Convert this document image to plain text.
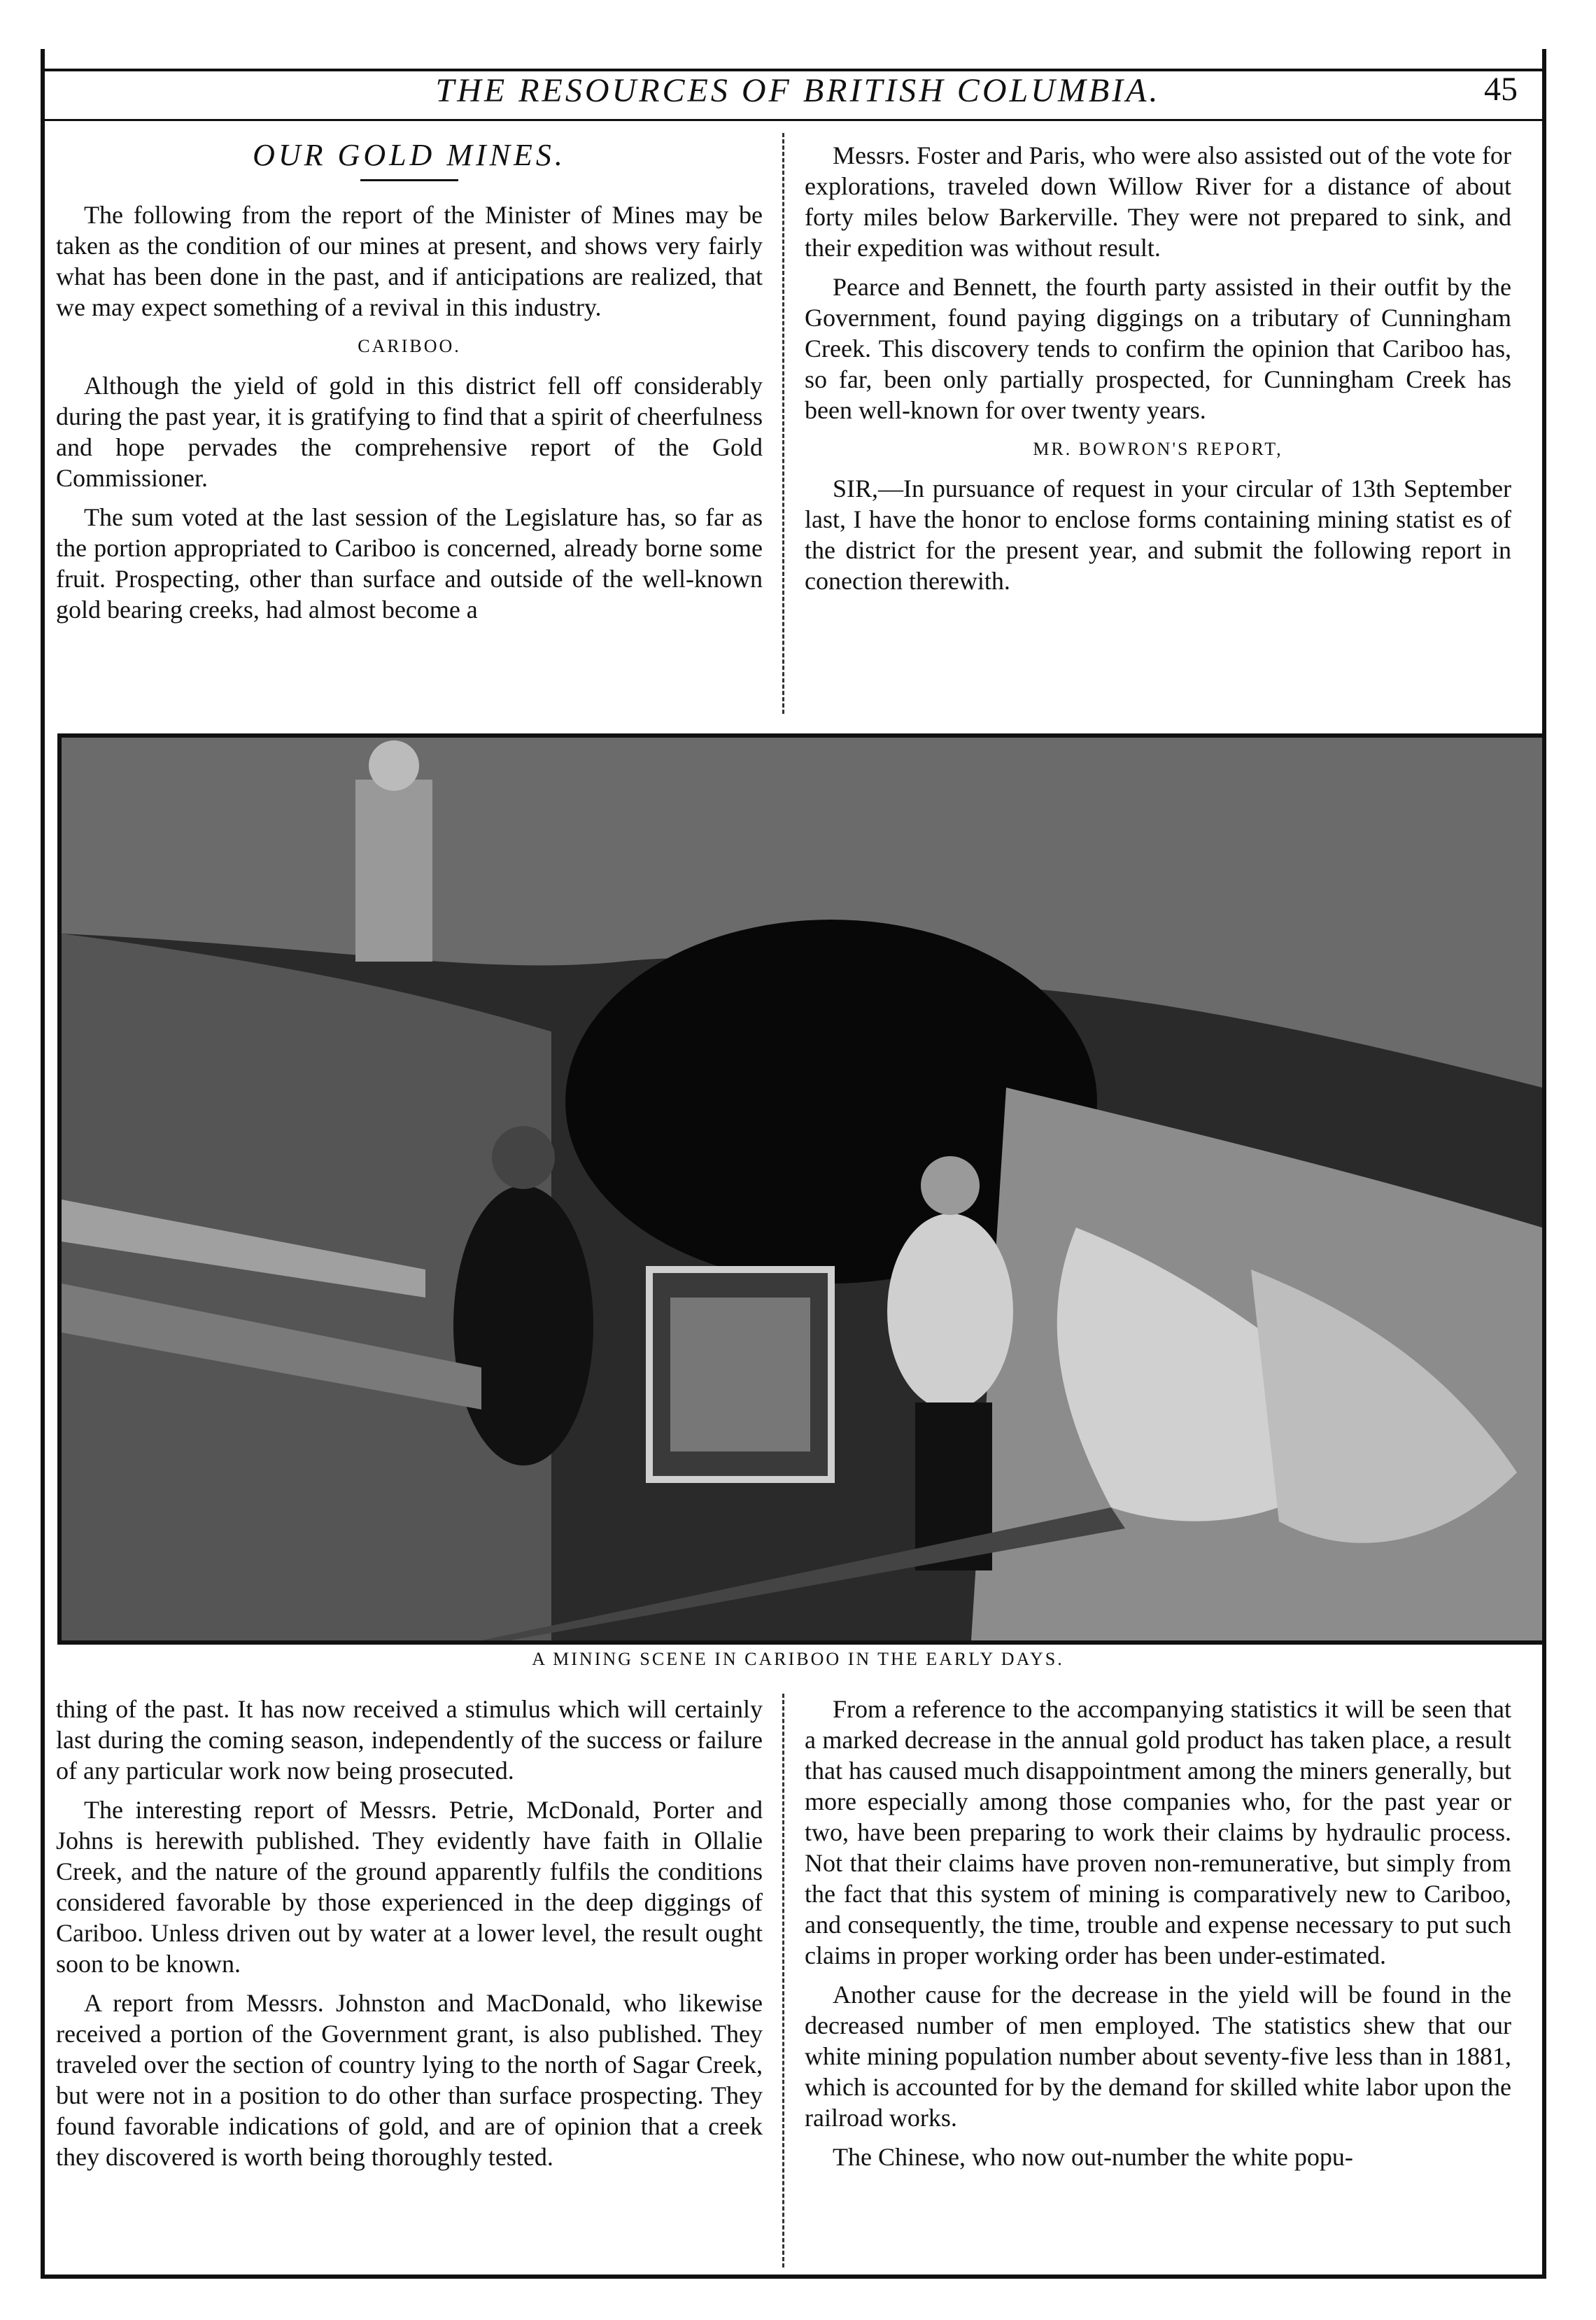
THE RESOURCES OF BRITISH COLUMBIA.	45

OUR GOLD MINES.

The following from the report of the Minister of Mines may be taken as the condition of our mines at present, and shows very fairly what has been done in the past, and if anticipations are realized, that we may expect something of a revival in this industry.

CARIBOO.

Although the yield of gold in this district fell off considerably during the past year, it is gratifying to find that a spirit of cheerfulness and hope pervades the comprehensive report of the Gold Commissioner.

The sum voted at the last session of the Legislature has, so far as the portion appropriated to Cariboo is concerned, already borne some fruit. Prospecting, other than surface and outside of the well-known gold bearing creeks, had almost become a

Messrs. Foster and Paris, who were also assisted out of the vote for explorations, traveled down Willow River for a distance of about forty miles below Barkerville. They were not prepared to sink, and their expedition was without result.

Pearce and Bennett, the fourth party assisted in their outfit by the Government, found paying diggings on a tributary of Cunningham Creek. This discovery tends to confirm the opinion that Cariboo has, so far, been only partially prospected, for Cunningham Creek has been well-known for over twenty years.

MR. BOWRON'S REPORT,

SIR,—In pursuance of request in your circular of 13th September last, I have the honor to enclose forms containing mining statist es of the district for the present year, and submit the following report in conection therewith.

A MINING SCENE IN CARIBOO IN THE EARLY DAYS.

thing of the past. It has now received a stimulus which will certainly last during the coming season, independently of the success or failure of any particular work now being prosecuted.

The interesting report of Messrs. Petrie, McDonald, Porter and Johns is herewith published. They evidently have faith in Ollalie Creek, and the nature of the ground apparently fulfils the conditions considered favorable by those experienced in the deep diggings of Cariboo. Unless driven out by water at a lower level, the result ought soon to be known.

A report from Messrs. Johnston and MacDonald, who likewise received a portion of the Government grant, is also published. They traveled over the section of country lying to the north of Sagar Creek, but were not in a position to do other than surface prospecting. They found favorable indications of gold, and are of opinion that a creek they discovered is worth being thoroughly tested.

From a reference to the accompanying statistics it will be seen that a marked decrease in the annual gold product has taken place, a result that has caused much disappointment among the miners generally, but more especially among those companies who, for the past year or two, have been preparing to work their claims by hydraulic process. Not that their claims have proven non-remunerative, but simply from the fact that this system of mining is comparatively new to Cariboo, and consequently, the time, trouble and expense necessary to put such claims in proper working order has been under-estimated.

Another cause for the decrease in the yield will be found in the decreased number of men employed. The statistics shew that our white mining population number about seventy-five less than in 1881, which is accounted for by the demand for skilled white labor upon the railroad works.

The Chinese, who now out-number the white popu-
